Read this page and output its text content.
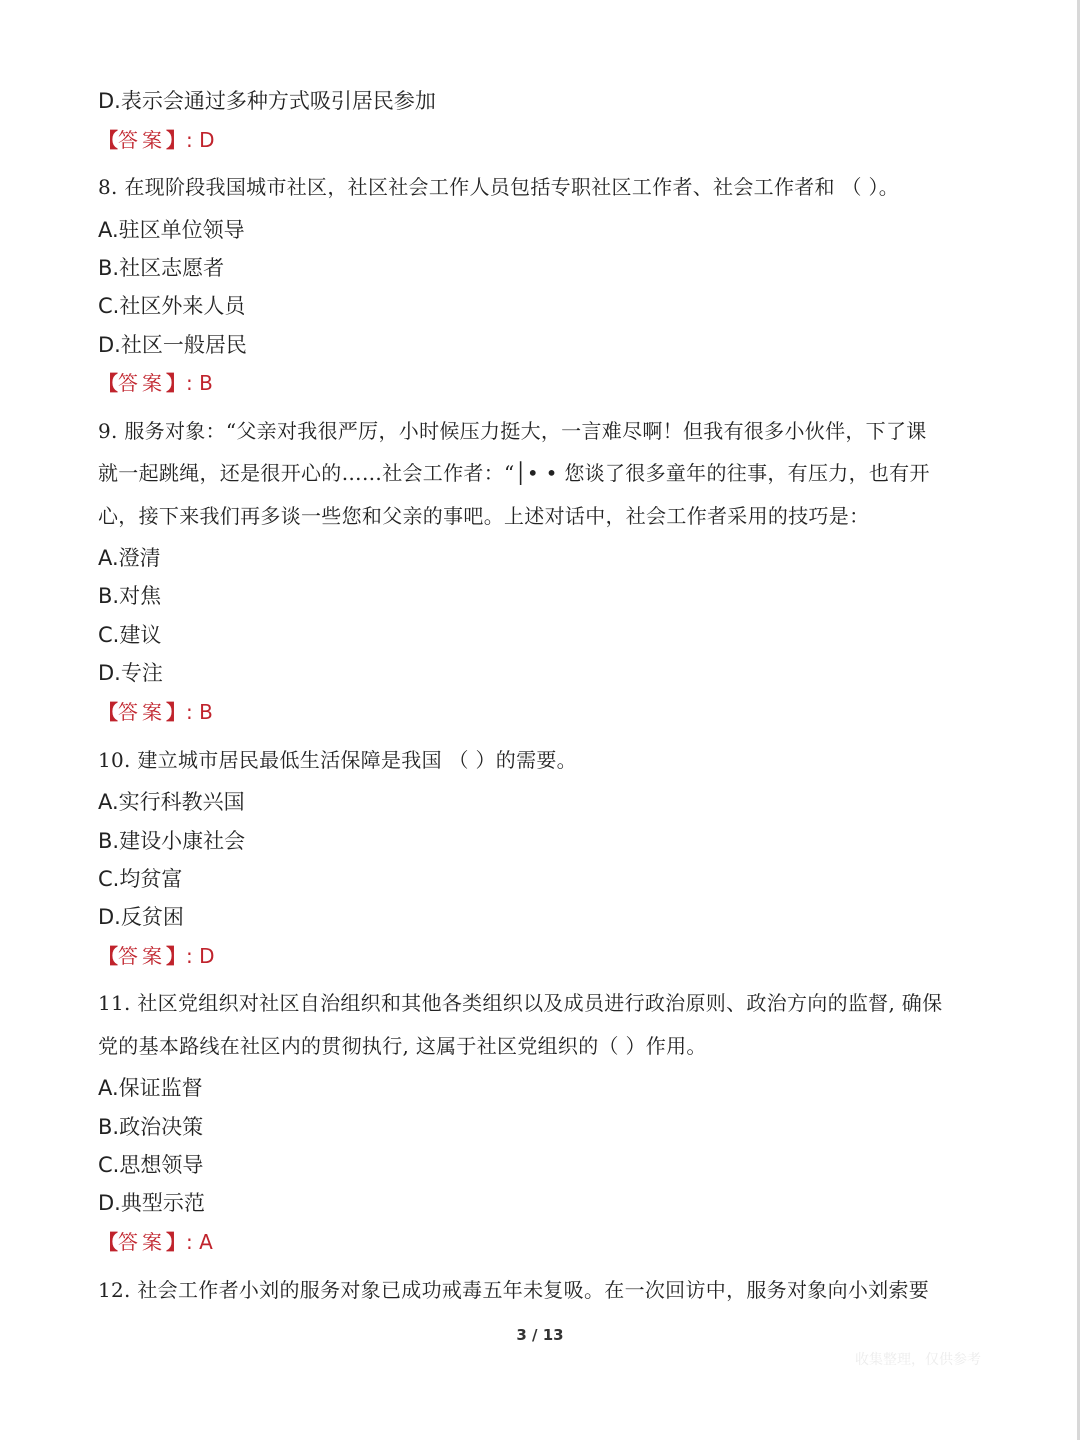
D.表示会通过多种方式吸引居民参加
【答案】: D
8. 在现阶段我国城市社区，社区社会工作人员包括专职社区工作者、社会工作者和 （ ）。
A.驻区单位领导
B.社区志愿者
C.社区外来人员
D.社区一般居民
【答案】: B
9. 服务对象：“父亲对我很严厉，小时候压力挺大，一言难尽啊！但我有很多小伙伴，下了课
就一起跳绳，还是很开心的……社会工作者：“│• • 您谈了很多童年的往事，有压力，也有开
心，接下来我们再多谈一些您和父亲的事吧。上述对话中，社会工作者采用的技巧是：
A.澄清
B.对焦
C.建议
D.专注
【答案】: B
10. 建立城市居民最低生活保障是我国 （ ）的需要。
A.实行科教兴国
B.建设小康社会
C.均贫富
D.反贫困
【答案】: D
11. 社区党组织对社区自治组织和其他各类组织以及成员进行政治原则、政治方向的监督, 确保
党的基本路线在社区内的贯彻执行, 这属于社区党组织的（ ）作用。
A.保证监督
B.政治决策
C.思想领导
D.典型示范
【答案】: A
12. 社会工作者小刘的服务对象已成功戒毒五年未复吸。在一次回访中，服务对象向小刘索要
3 / 13
收集整理，仅供参考
